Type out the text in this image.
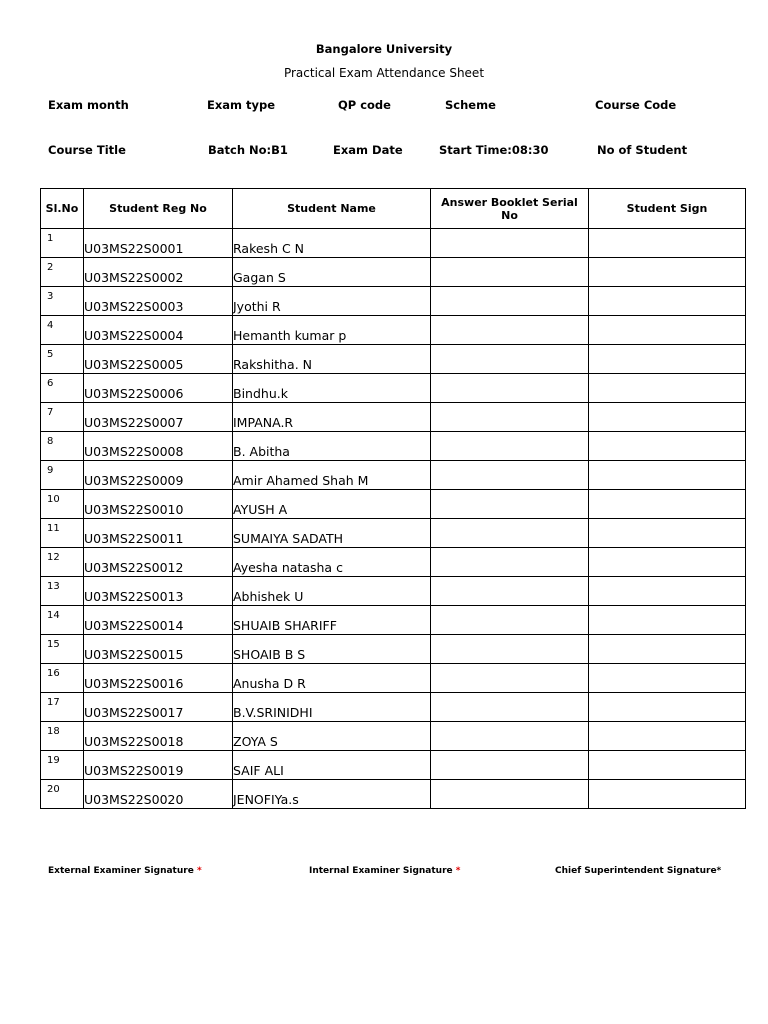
Bangalore University
Practical Exam Attendance Sheet
Exam month	Exam type	QP code	Scheme	Course Code
Course Title	Batch No:B1	Exam Date	Start Time:08:30	No of Student
Sl.No	Student Reg No	Student Name	Answer Booklet Serial No	Student Sign

1	U03MS22S0001	Rakesh C N		

2	U03MS22S0002	Gagan S		

3	U03MS22S0003	Jyothi R		

4	U03MS22S0004	Hemanth kumar p		

5	U03MS22S0005	Rakshitha. N		

6	U03MS22S0006	Bindhu.k		

7	U03MS22S0007	IMPANA.R		

8	U03MS22S0008	B. Abitha		

9	U03MS22S0009	Amir Ahamed Shah M		

10	U03MS22S0010	AYUSH A		

11	U03MS22S0011	SUMAIYA SADATH		

12	U03MS22S0012	Ayesha natasha c		

13	U03MS22S0013	Abhishek U		

14	U03MS22S0014	SHUAIB SHARIFF		

15	U03MS22S0015	SHOAIB B S		

16	U03MS22S0016	Anusha D R		

17	U03MS22S0017	B.V.SRINIDHI		

18	U03MS22S0018	ZOYA S		

19	U03MS22S0019	SAIF ALI		

20	U03MS22S0020	JENOFIYa.s		

External Examiner Signature *	Internal Examiner Signature *	Chief Superintendent Signature*
